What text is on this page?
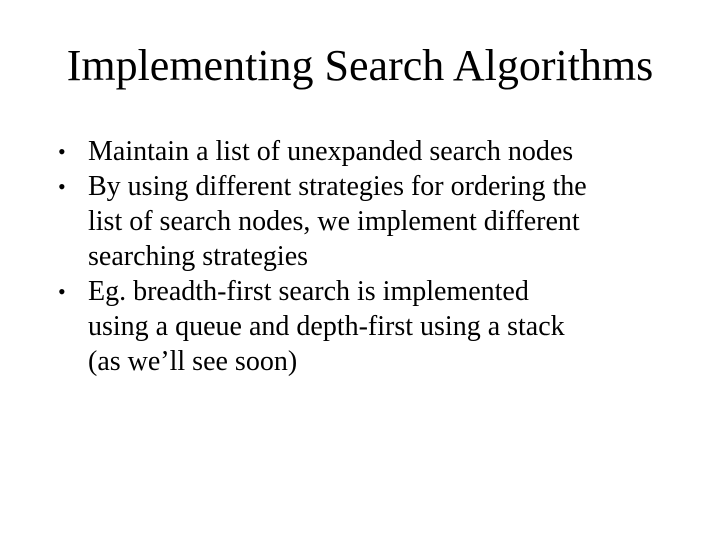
Implementing Search Algorithms
• Maintain a list of unexpanded search nodes
• By using different strategies for ordering the
list of search nodes, we implement different
searching strategies
• Eg. breadth-first search is implemented
using a queue and depth-first using a stack
(as we’ll see soon)
